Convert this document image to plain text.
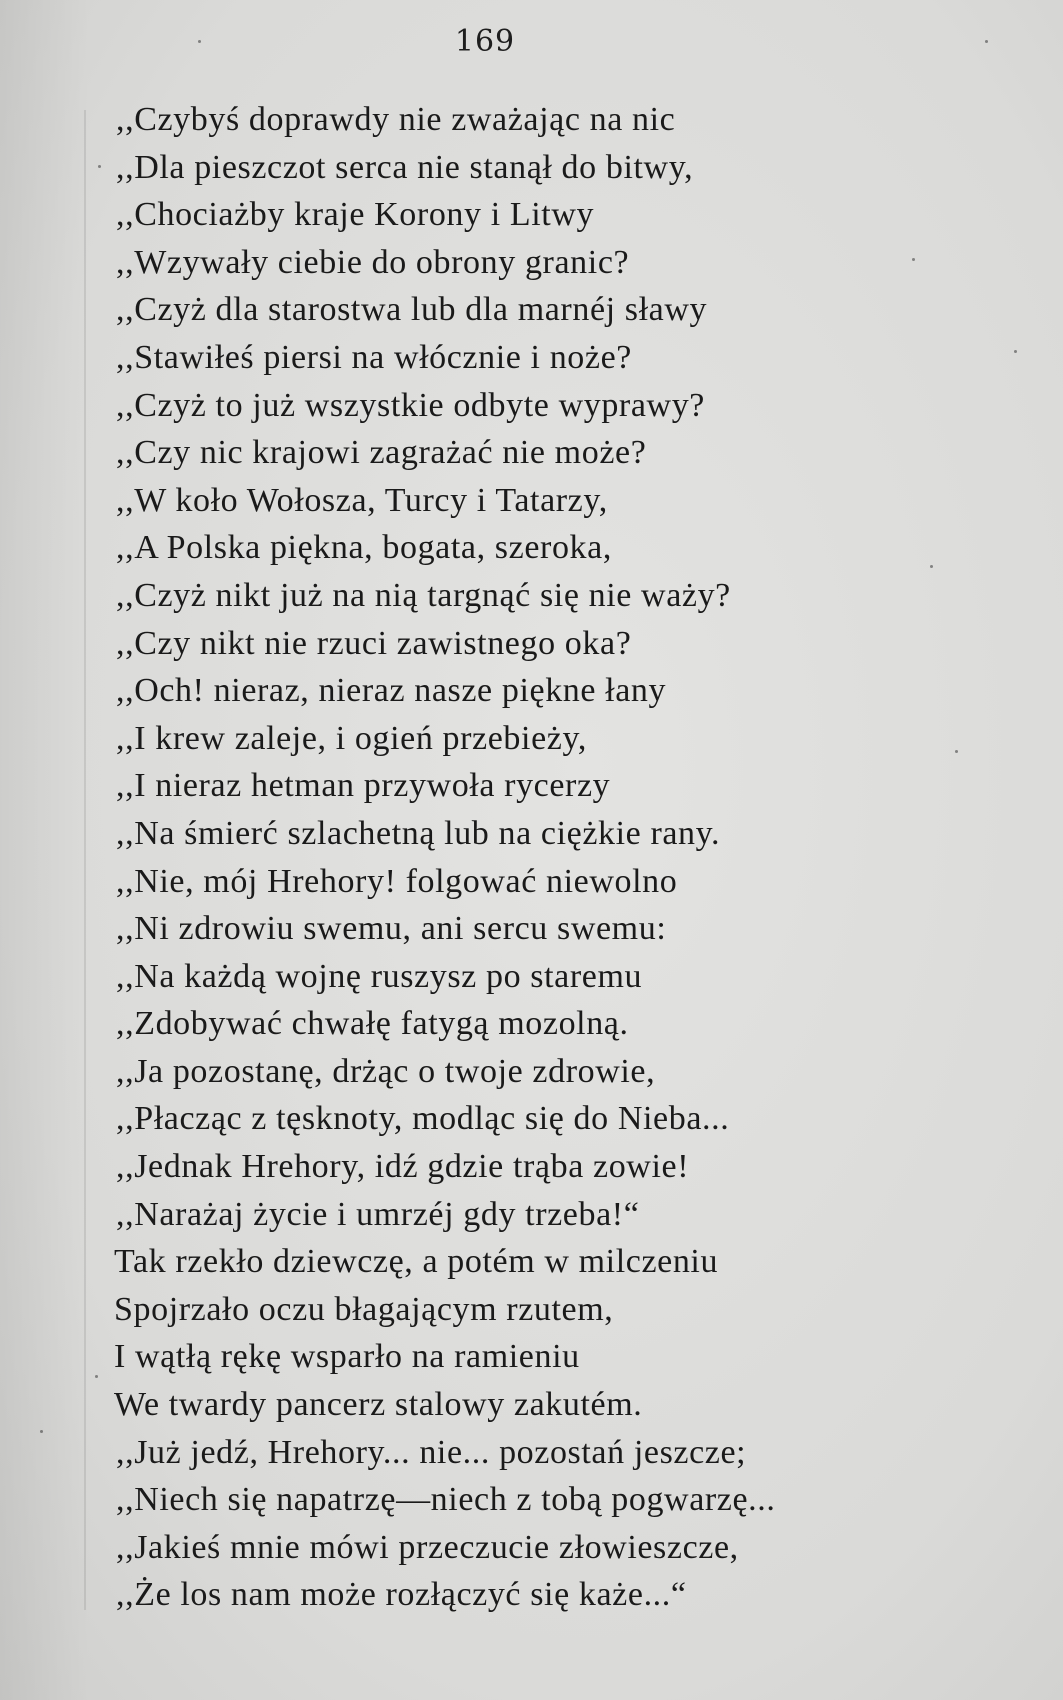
169
,,Czybyś doprawdy nie zważając na nic
,,Dla pieszczot serca nie stanął do bitwy,
,,Chociażby kraje Korony i Litwy
,,Wzywały ciebie do obrony granic?
,,Czyż dla starostwa lub dla marnéj sławy
,,Stawiłeś piersi na włócznie i noże?
,,Czyż to już wszystkie odbyte wyprawy?
,,Czy nic krajowi zagrażać nie może?
,,W koło Wołosza, Turcy i Tatarzy,
,,A Polska piękna, bogata, szeroka,
,,Czyż nikt już na nią targnąć się nie waży?
,,Czy nikt nie rzuci zawistnego oka?
,,Och! nieraz, nieraz nasze piękne łany
,,I krew zaleje, i ogień przebieży,
,,I nieraz hetman przywoła rycerzy
,,Na śmierć szlachetną lub na ciężkie rany.
,,Nie, mój Hrehory! folgować niewolno
,,Ni zdrowiu swemu, ani sercu swemu:
,,Na każdą wojnę ruszysz po staremu
,,Zdobywać chwałę fatygą mozolną.
,,Ja pozostanę, drżąc o twoje zdrowie,
,,Płacząc z tęsknoty, modląc się do Nieba...
,,Jednak Hrehory, idź gdzie trąba zowie!
,,Narażaj życie i umrzéj gdy trzeba!“
Tak rzekło dziewczę, a potém w milczeniu
Spojrzało oczu błagającym rzutem,
I wątłą rękę wsparło na ramieniu
We twardy pancerz stalowy zakutém.
,,Już jedź, Hrehory... nie... pozostań jeszcze;
,,Niech się napatrzę—niech z tobą pogwarzę...
,,Jakieś mnie mówi przeczucie złowieszcze,
,,Że los nam może rozłączyć się każe...“
